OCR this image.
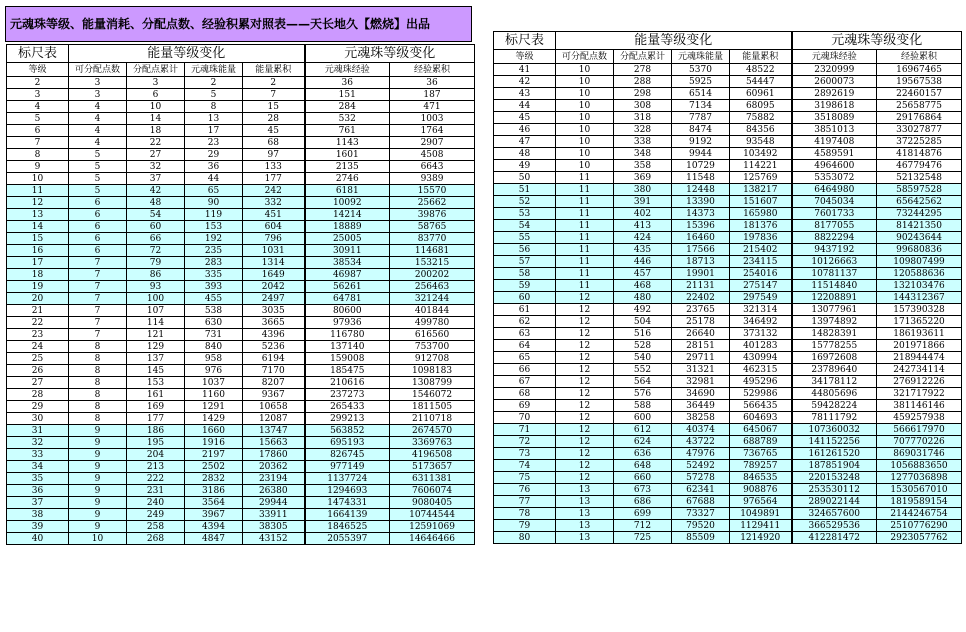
元魂珠等级、能量消耗、分配点数、经验积累对照表——天长地久【燃烧】出品
标尺表	能量等级变化				元魂珠等级变化	
等级	可分配点数	分配点累计	元魂珠能量	能量累积	元魂珠经验	经验累积
2	3	3	2	2	36	36
3	3	6	5	7	151	187
4	4	10	8	15	284	471
5	4	14	13	28	532	1003
6	4	18	17	45	761	1764
7	4	22	23	68	1143	2907
8	5	27	29	97	1601	4508
9	5	32	36	133	2135	6643
10	5	37	44	177	2746	9389
11	5	42	65	242	6181	15570
12	6	48	90	332	10092	25662
13	6	54	119	451	14214	39876
14	6	60	153	604	18889	58765
15	6	66	192	796	25005	83770
16	6	72	235	1031	30911	114681
17	7	79	283	1314	38534	153215
18	7	86	335	1649	46987	200202
19	7	93	393	2042	56261	256463
20	7	100	455	2497	64781	321244
21	7	107	538	3035	80600	401844
22	7	114	630	3665	97936	499780
23	7	121	731	4396	116780	616560
24	8	129	840	5236	137140	753700
25	8	137	958	6194	159008	912708
26	8	145	976	7170	185475	1098183
27	8	153	1037	8207	210616	1308799
28	8	161	1160	9367	237273	1546072
29	8	169	1291	10658	265433	1811505
30	8	177	1429	12087	299213	2110718
31	9	186	1660	13747	563852	2674570
32	9	195	1916	15663	695193	3369763
33	9	204	2197	17860	826745	4196508
34	9	213	2502	20362	977149	5173657
35	9	222	2832	23194	1137724	6311381
36	9	231	3186	26380	1294693	7606074
37	9	240	3564	29944	1474331	9080405
38	9	249	3967	33911	1664139	10744544
39	9	258	4394	38305	1846525	12591069
40	10	268	4847	43152	2055397	14646466
标尺表	能量等级变化				元魂珠等级变化	
等级	可分配点数	分配点累计	元魂珠能量	能量累积	元魂珠经验	经验累积
41	10	278	5370	48522	2320999	16967465
42	10	288	5925	54447	2600073	19567538
43	10	298	6514	60961	2892619	22460157
44	10	308	7134	68095	3198618	25658775
45	10	318	7787	75882	3518089	29176864
46	10	328	8474	84356	3851013	33027877
47	10	338	9192	93548	4197408	37225285
48	10	348	9944	103492	4589591	41814876
49	10	358	10729	114221	4964600	46779476
50	11	369	11548	125769	5353072	52132548
51	11	380	12448	138217	6464980	58597528
52	11	391	13390	151607	7045034	65642562
53	11	402	14373	165980	7601733	73244295
54	11	413	15396	181376	8177055	81421350
55	11	424	16460	197836	8822294	90243644
56	11	435	17566	215402	9437192	99680836
57	11	446	18713	234115	10126663	109807499
58	11	457	19901	254016	10781137	120588636
59	11	468	21131	275147	11514840	132103476
60	12	480	22402	297549	12208891	144312367
61	12	492	23765	321314	13077961	157390328
62	12	504	25178	346492	13974892	171365220
63	12	516	26640	373132	14828391	186193611
64	12	528	28151	401283	15778255	201971866
65	12	540	29711	430994	16972608	218944474
66	12	552	31321	462315	23789640	242734114
67	12	564	32981	495296	34178112	276912226
68	12	576	34690	529986	44805696	321717922
69	12	588	36449	566435	59428224	381146146
70	12	600	38258	604693	78111792	459257938
71	12	612	40374	645067	107360032	566617970
72	12	624	43722	688789	141152256	707770226
73	12	636	47976	736765	161261520	869031746
74	12	648	52492	789257	187851904	1056883650
75	12	660	57278	846535	220153248	1277036898
76	13	673	62341	908876	253530112	1530567010
77	13	686	67688	976564	289022144	1819589154
78	13	699	73327	1049891	324657600	2144246754
79	13	712	79520	1129411	366529536	2510776290
80	13	725	85509	1214920	412281472	2923057762
